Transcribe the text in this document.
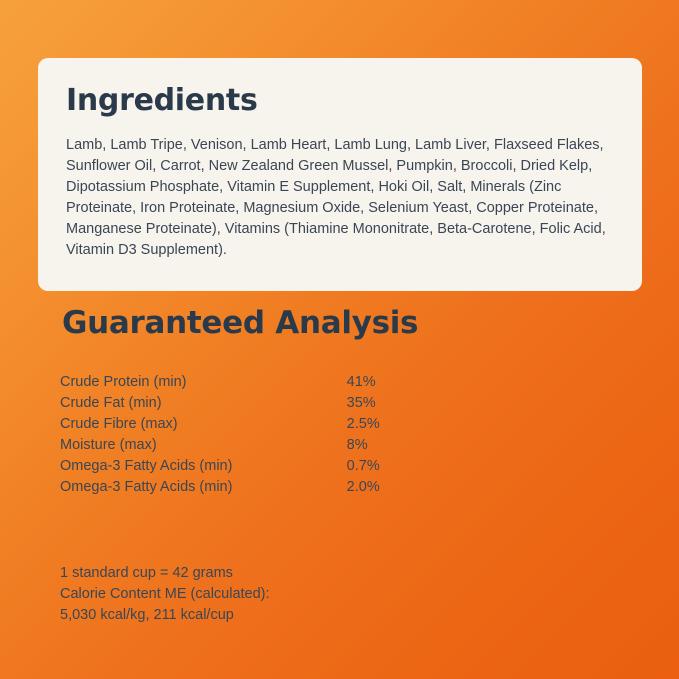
Ingredients

Lamb, Lamb Tripe, Venison, Lamb Heart, Lamb Lung, Lamb Liver, Flaxseed Flakes, Sunflower Oil, Carrot, New Zealand Green Mussel, Pumpkin, Broccoli, Dried Kelp, Dipotassium Phosphate, Vitamin E Supplement, Hoki Oil, Salt, Minerals (Zinc Proteinate, Iron Proteinate, Magnesium Oxide, Selenium Yeast, Copper Proteinate, Manganese Proteinate), Vitamins (Thiamine Mononitrate, Beta-Carotene, Folic Acid, Vitamin D3 Supplement).

Guaranteed Analysis
Crude Protein (min)	41%
Crude Fat (min)	35%
Crude Fibre (max)	2.5%
Moisture (max)	8%
Omega-3 Fatty Acids (min)	0.7%
Omega-3 Fatty Acids (min)	2.0%
1 standard cup = 42 grams
Calorie Content ME (calculated):
5,030 kcal/kg, 211 kcal/cup
